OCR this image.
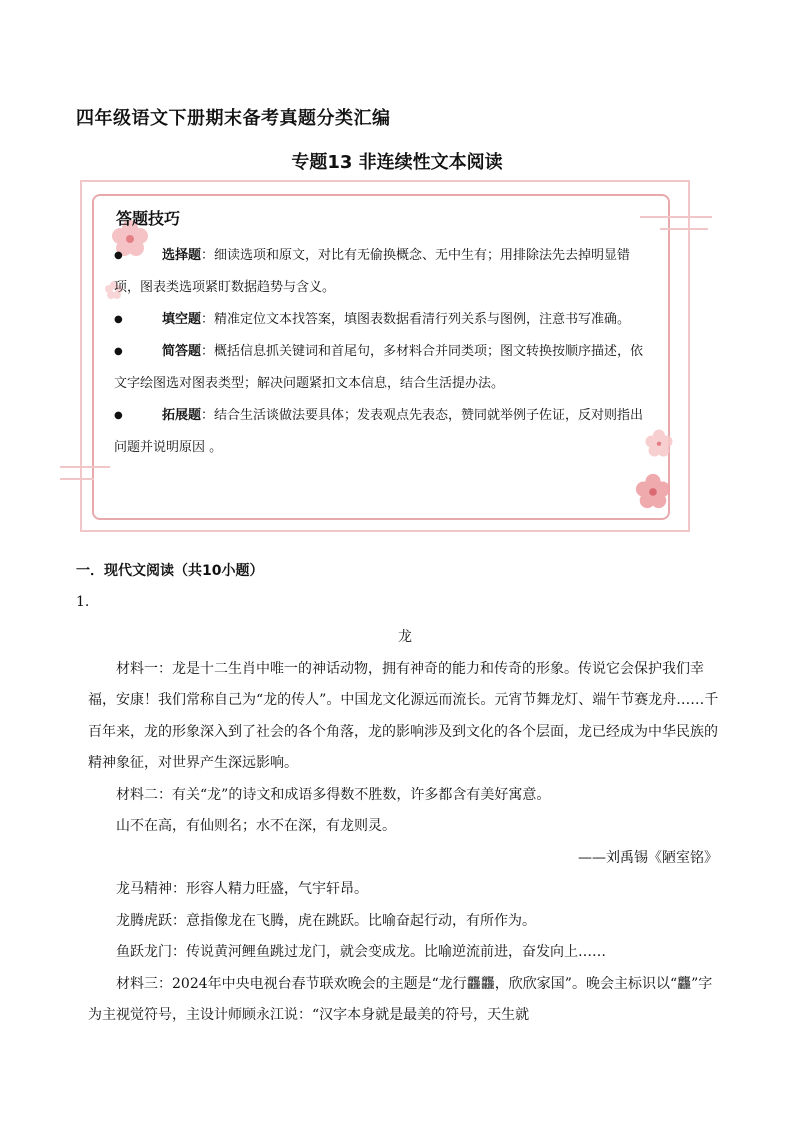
四年级语文下册期末备考真题分类汇编
专题13 非连续性文本阅读
答题技巧

●	选择题：细读选项和原文，对比有无偷换概念、无中生有；用排除法先去掉明显错项，图表类选项紧盯数据趋势与含义。

●	填空题：精准定位文本找答案，填图表数据看清行列关系与图例，注意书写准确。

●	简答题：概括信息抓关键词和首尾句，多材料合并同类项；图文转换按顺序描述，依文字绘图选对图表类型；解决问题紧扣文本信息，结合生活提办法。

●	拓展题：结合生活谈做法要具体；发表观点先表态，赞同就举例子佐证，反对则指出问题并说明原因 。

一．现代文阅读（共10小题）
1.

龙

材料一：龙是十二生肖中唯一的神话动物，拥有神奇的能力和传奇的形象。传说它会保护我们幸福，安康！我们常称自己为“龙的传人”。中国龙文化源远而流长。元宵节舞龙灯、端午节赛龙舟……千百年来，龙的形象深入到了社会的各个角落，龙的影响涉及到文化的各个层面，龙已经成为中华民族的精神象征，对世界产生深远影响。

材料二：有关“龙”的诗文和成语多得数不胜数，许多都含有美好寓意。

山不在高，有仙则名；水不在深，有龙则灵。

——刘禹锡《陋室铭》

龙马精神：形容人精力旺盛，气宇轩昂。

龙腾虎跃：意指像龙在飞腾，虎在跳跃。比喻奋起行动，有所作为。

鱼跃龙门：传说黄河鲤鱼跳过龙门，就会变成龙。比喻逆流前进，奋发向上……

材料三：2024年中央电视台春节联欢晚会的主题是“龙行龘龘，欣欣家国”。晚会主标识以“龘”字为主视觉符号，主设计师顾永江说：“汉字本身就是最美的符号，天生就
